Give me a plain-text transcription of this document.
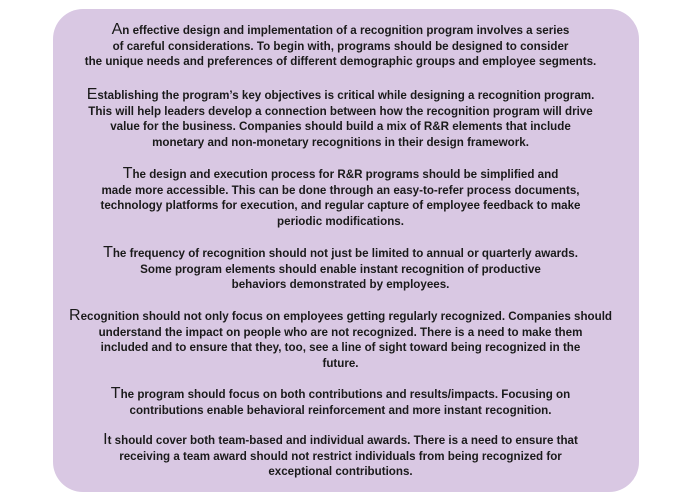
An effective design and implementation of a recognition program involves a series
of careful considerations. To begin with, programs should be designed to consider
the unique needs and preferences of different demographic groups and employee segments.

Establishing the program’s key objectives is critical while designing a recognition program.
This will help leaders develop a connection between how the recognition program will drive
value for the business. Companies should build a mix of R&R elements that include
monetary and non-monetary recognitions in their design framework.

The design and execution process for R&R programs should be simplified and
made more accessible. This can be done through an easy-to-refer process documents,
technology platforms for execution, and regular capture of employee feedback to make
periodic modifications.

The frequency of recognition should not just be limited to annual or quarterly awards.
Some program elements should enable instant recognition of productive
behaviors demonstrated by employees.

Recognition should not only focus on employees getting regularly recognized. Companies should
understand the impact on people who are not recognized. There is a need to make them
included and to ensure that they, too, see a line of sight toward being recognized in the
future.

The program should focus on both contributions and results/impacts. Focusing on
contributions enable behavioral reinforcement and more instant recognition.

It should cover both team-based and individual awards. There is a need to ensure that
receiving a team award should not restrict individuals from being recognized for
exceptional contributions.
